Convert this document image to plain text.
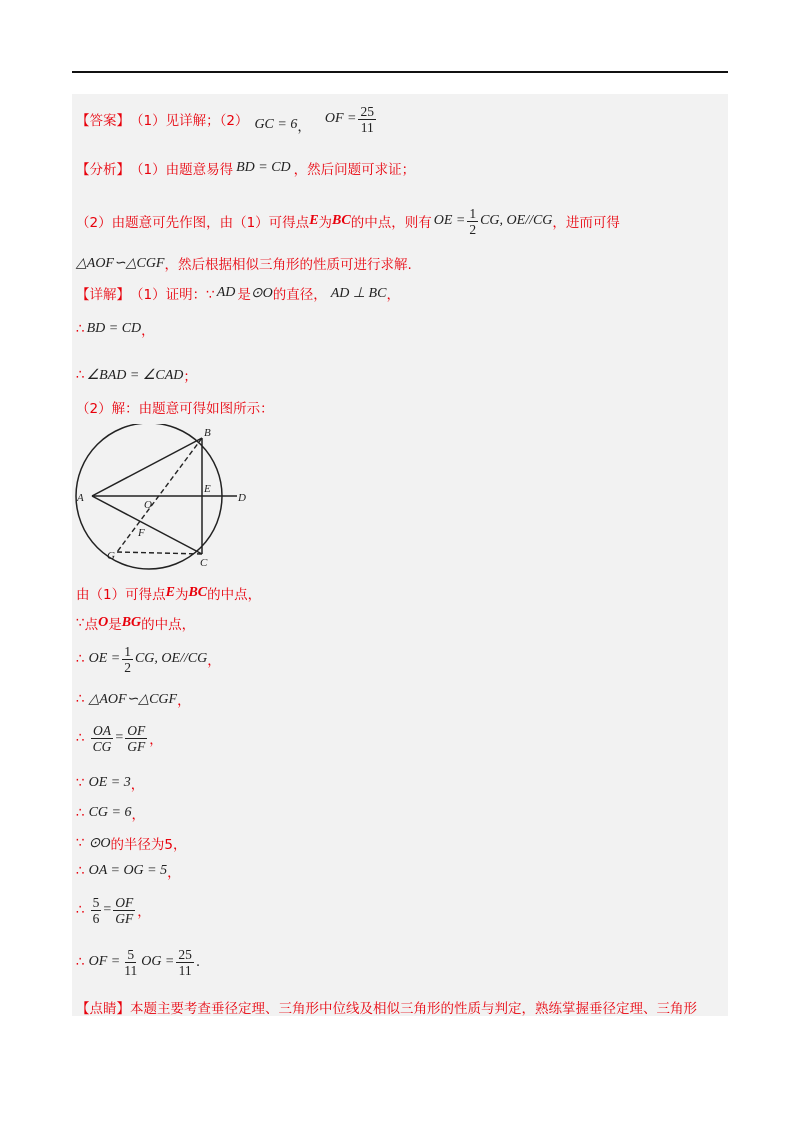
【答案】 （1）见详解；（2） GC = 6 ，
OF = $\frac{25}{11}$
【分析】 （1）由题意易得 BD = CD ，然后问题可求证；
（2）由题意可先作图，由（1）可得点 E 为 BC 的中点，则有 OE = $\frac{1}{2}$ CG, OE//CG ，进而可得
△AOF∽△CGF ，然后根据相似三角形的性质可进行求解.
【详解】 （1）证明：∵ AD 是 ⊙O 的直径， AD ⊥ BC ，
∴ BD = CD ，
∴ ∠BAD = ∠CAD ；
（2）解：由题意可得如图所示：
B
A	D
E
O
F
G
C
由（1）可得点 E 为 BC 的中点，
∵ 点 O 是 BG 的中点，
∴ OE = $\frac{1}{2}$ CG, OE//CG ，
∴ △AOF∽△CGF ，
∴ $\frac{OA}{CG} = \frac{OF}{GF}$ ，
∵ OE = 3 ，
∴ CG = 6 ，
∵ ⊙O 的半径为5，
∴ OA = OG = 5 ，
∴ $\frac{5}{6} = \frac{OF}{GF}$ ，
∴ OF = $\frac{5}{11}$ OG = $\frac{25}{11}$ .
【点睛】 本题主要考查垂径定理、三角形中位线及相似三角形的性质与判定，熟练掌握垂径定理、三角形
